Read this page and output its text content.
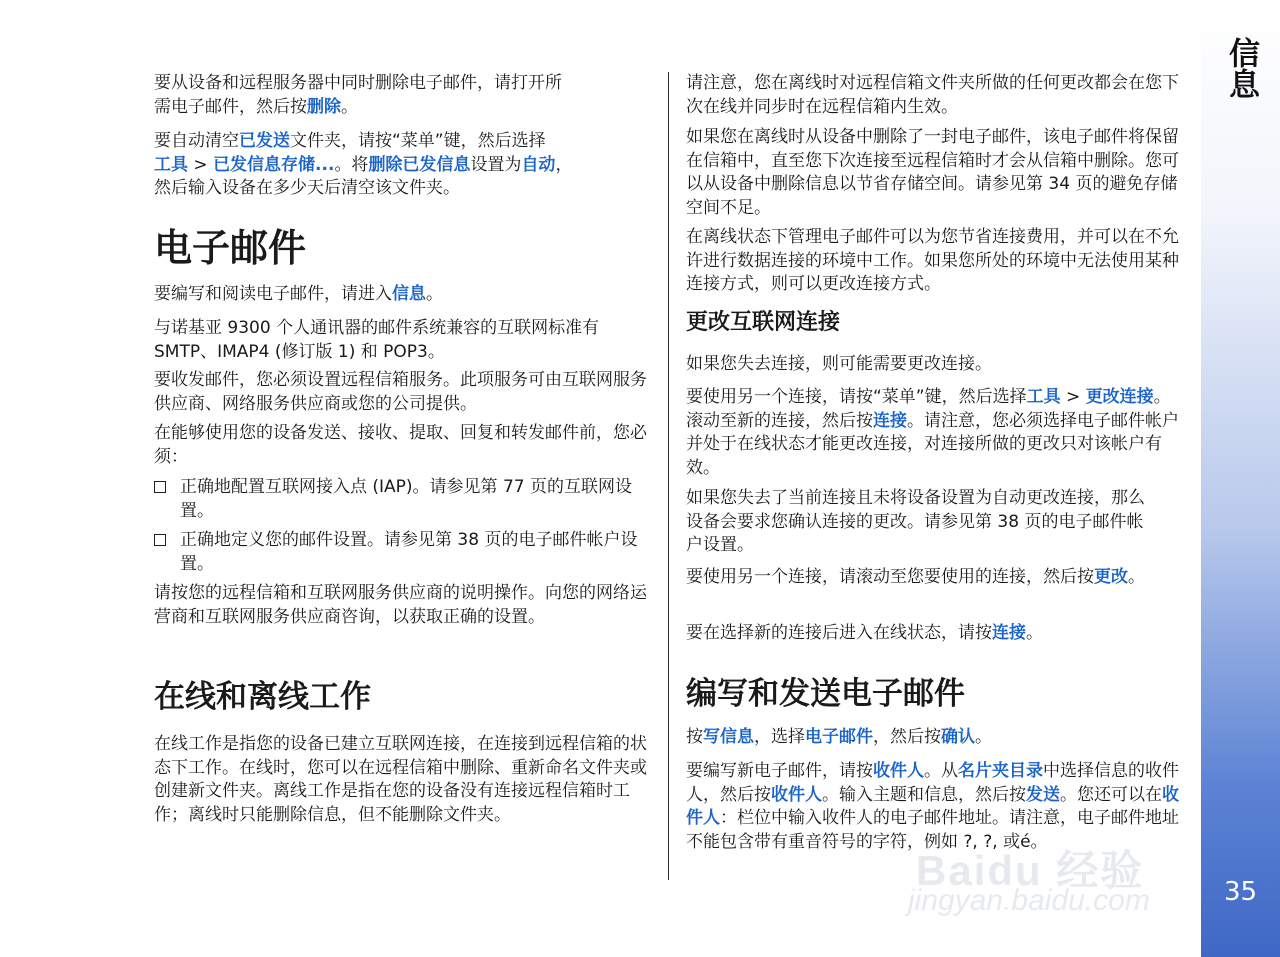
要从设备和远程服务器中同时删除电子邮件，请打开所
需电子邮件，然后按删除。

要自动清空已发送文件夹，请按“菜单”键，然后选择
工具 > 已发信息存储...。将删除已发信息设置为自动，
然后输入设备在多少天后清空该文件夹。

电子邮件

要编写和阅读电子邮件，请进入信息。

与诺基亚 9300 个人通讯器的邮件系统兼容的互联网标准有 SMTP、IMAP4 (修订版 1) 和 POP3。

要收发邮件，您必须设置远程信箱服务。此项服务可由互联网服务供应商、网络服务供应商或您的公司提供。

在能够使用您的设备发送、接收、提取、回复和转发邮件前，您必须：

正确地配置互联网接入点 (IAP)。请参见第 77 页的互联网设置。
正确地定义您的邮件设置。请参见第 38 页的电子邮件帐户设置。

请按您的远程信箱和互联网服务供应商的说明操作。向您的网络运营商和互联网服务供应商咨询，以获取正确的设置。

在线和离线工作

在线工作是指您的设备已建立互联网连接，在连接到远程信箱的状态下工作。在线时，您可以在远程信箱中删除、重新命名文件夹或创建新文件夹。离线工作是指在您的设备没有连接远程信箱时工作；离线时只能删除信息，但不能删除文件夹。

请注意，您在离线时对远程信箱文件夹所做的任何更改都会在您下次在线并同步时在远程信箱内生效。

如果您在离线时从设备中删除了一封电子邮件，该电子邮件将保留在信箱中，直至您下次连接至远程信箱时才会从信箱中删除。您可以从设备中删除信息以节省存储空间。请参见第 34 页的避免存储空间不足。

在离线状态下管理电子邮件可以为您节省连接费用，并可以在不允许进行数据连接的环境中工作。如果您所处的环境中无法使用某种连接方式，则可以更改连接方式。

更改互联网连接

如果您失去连接，则可能需要更改连接。

要使用另一个连接，请按“菜单”键，然后选择工具 > 更改连接。滚动至新的连接，然后按连接。请注意，您必须选择电子邮件帐户并处于在线状态才能更改连接，对连接所做的更改只对该帐户有效。

如果您失去了当前连接且未将设备设置为自动更改连接，那么设备会要求您确认连接的更改。请参见第 38 页的电子邮件帐户设置。

要使用另一个连接，请滚动至您要使用的连接，然后按更改。

要在选择新的连接后进入在线状态，请按连接。

编写和发送电子邮件

按写信息，选择电子邮件，然后按确认。

要编写新电子邮件，请按收件人。从名片夹目录中选择信息的收件人，然后按收件人。输入主题和信息，然后按发送。您还可以在收件人：栏位中输入收件人的电子邮件地址。请注意，电子邮件地址不能包含带有重音符号的字符，例如 ?, ?, 或é。

信息
35
Baidu 经验
jingyan.baidu.com
